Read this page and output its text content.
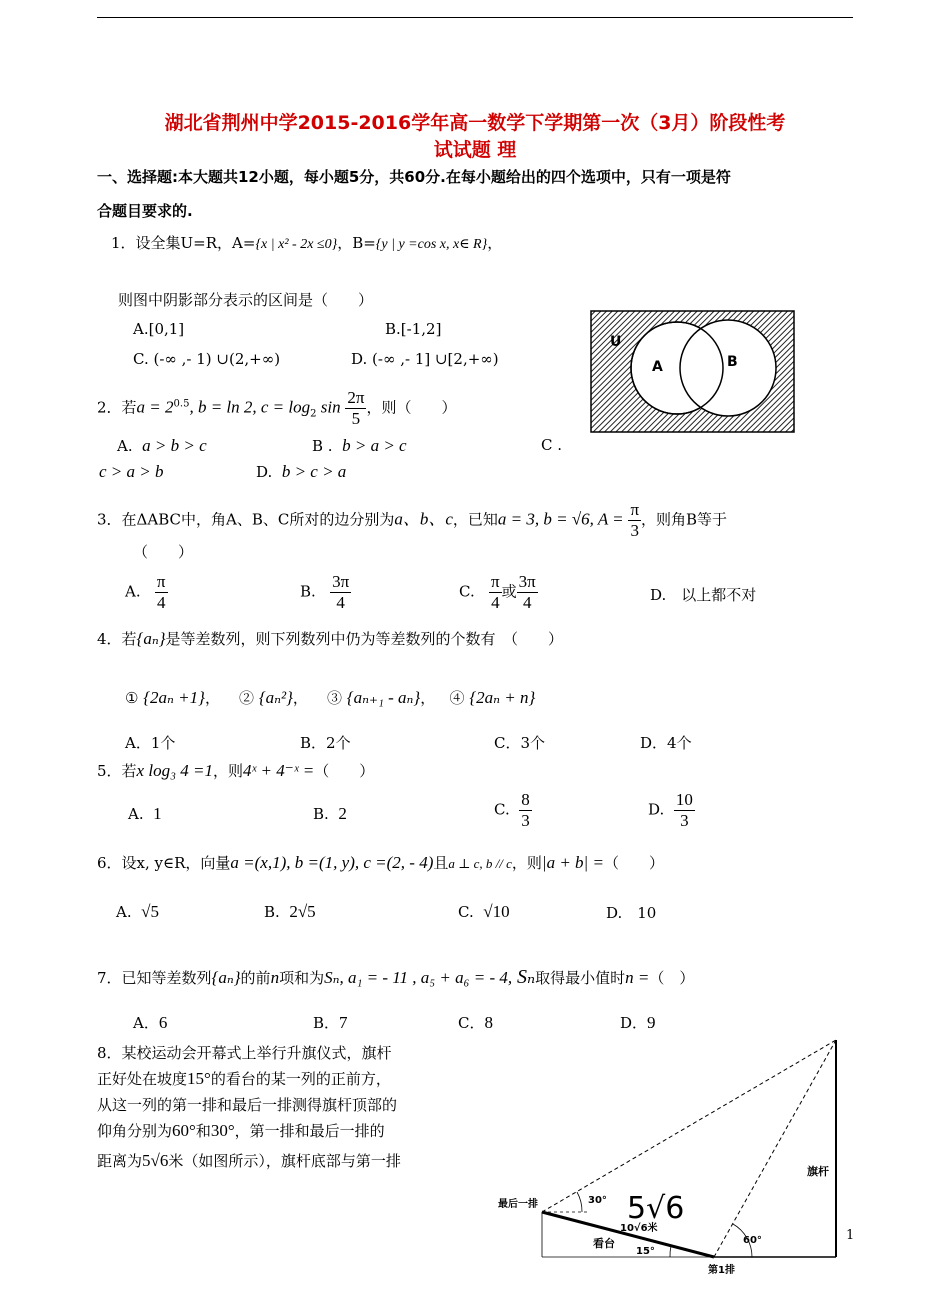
湖北省荆州中学2015-2016学年高一数学下学期第一次（3月）阶段性考
试试题 理
一、选择题:本大题共12小题，每小题5分，共60分.在每小题给出的四个选项中，只有一项是符
合题目要求的.
1．设全集U=R，A={x | x² - 2x ≤0}，B={y | y =cos x, x∈ R}，
则图中阴影部分表示的区间是（　　）
A.[0,1]	B.[-1,2]
C. (-∞ ,- 1) ∪(2,+∞)	D. (-∞ ,- 1] ∪[2,+∞)
U
A	B
2．若$a = 2^{0.5}$, b = ln 2, $c = \log_2 \sin \frac{2\pi}{5}$ ，则（　　）
A. a > b > c	B . b > a > c	C .
c > a > b	D. b > c > a
3．在ΔABC中，角A、B、C所对的边分别为a、b、c，已知a = 3, b = √6, $A = \frac{\pi}{3}$ ，则角B等于
（　　）
A. $\frac{\pi}{4}$	B. $\frac{3\pi}{4}$	C. $\frac{\pi}{4}$ 或 $\frac{3\pi}{4}$	D.　以上都不对
4．若{aₙ}是等差数列，则下列数列中仍为等差数列的个数有　（　　）
① {2aₙ +1}，    ② {aₙ²}，    ③ {aₙ₊₁ - aₙ}，   ④ {2aₙ + n}
A．1个	B．2个	C．3个	D．4个
5．若x log₃ 4 =1，则4ˣ + 4⁻ˣ =（　　）
A. 1	B. 2	C. $\frac{8}{3}$	D. $\frac{10}{3}$
6．设x, y∈R，向量a =(x,1), b =(1, y), c =(2, - 4)且a ⊥ c, b // c，则|a + b| =（　　）
A. √5	B. 2√5	C. √10	D.　10
7．已知等差数列{aₙ}的前n项和为Sₙ, a₁ = - 11 , a₅ + a₆ = - 4, Sₙ取得最小值时n =（　）
A．6	B．7	C．8	D．9
8．某校运动会开幕式上举行升旗仪式，旗杆
正好处在坡度15°的看台的某一列的正前方，
从这一列的第一排和最后一排测得旗杆顶部的
仰角分别为60°和30°，第一排和最后一排的
距离为5√6米（如图所示），旗杆底部与第一排
最后一排
第1排
旗杆
看台
30°
60°
15°
10√6米
5√6
1
